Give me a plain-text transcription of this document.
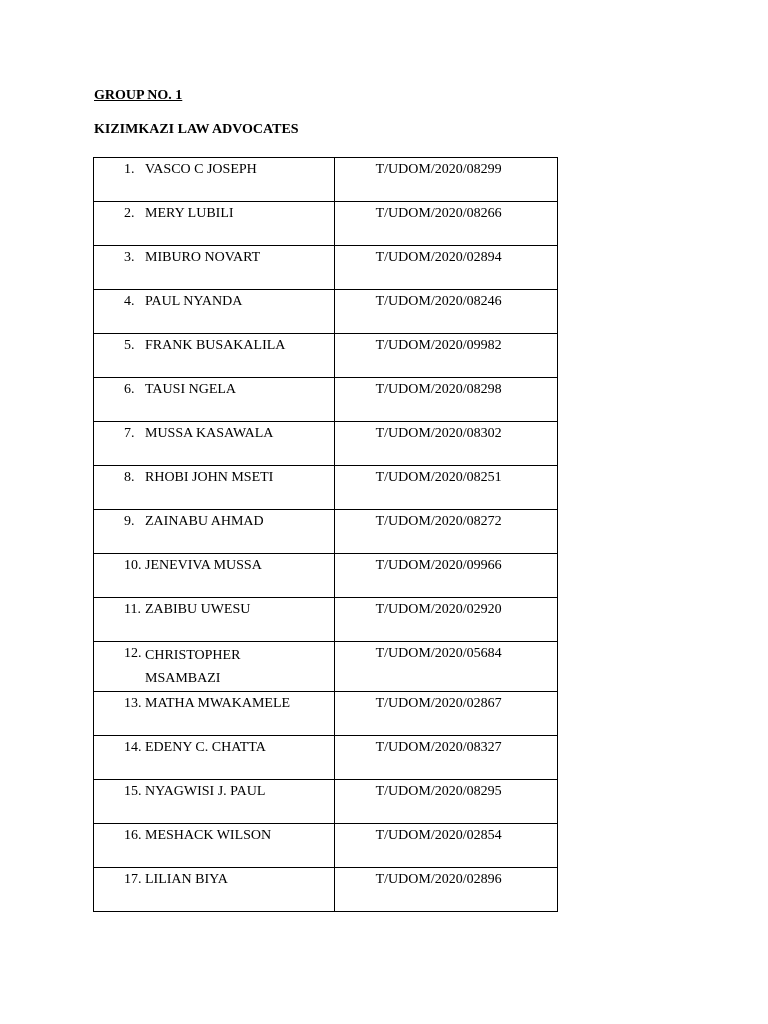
GROUP NO. 1
KIZIMKAZI LAW ADVOCATES
1. VASCO C JOSEPH	T/UDOM/2020/08299

2. MERY LUBILI	T/UDOM/2020/08266

3. MIBURO NOVART	T/UDOM/2020/02894

4. PAUL NYANDA	T/UDOM/2020/08246

5. FRANK BUSAKALILA	T/UDOM/2020/09982

6. TAUSI NGELA	T/UDOM/2020/08298

7. MUSSA KASAWALA	T/UDOM/2020/08302

8. RHOBI JOHN MSETI	T/UDOM/2020/08251

9. ZAINABU AHMAD	T/UDOM/2020/08272

10. JENEVIVA MUSSA	T/UDOM/2020/09966

11. ZABIBU UWESU	T/UDOM/2020/02920

12. CHRISTOPHER MSAMBAZI	T/UDOM/2020/05684

13. MATHA MWAKAMELE	T/UDOM/2020/02867

14. EDENY C. CHATTA	T/UDOM/2020/08327

15. NYAGWISI J. PAUL	T/UDOM/2020/08295

16. MESHACK WILSON	T/UDOM/2020/02854

17. LILIAN BIYA	T/UDOM/2020/02896
